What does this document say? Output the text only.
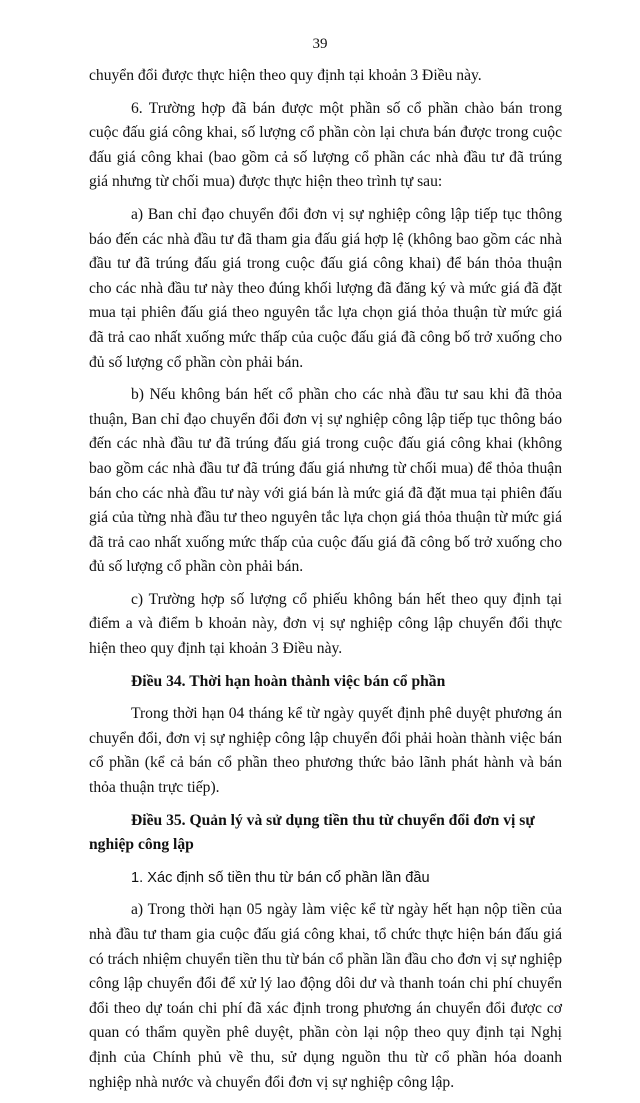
39

chuyển đổi được thực hiện theo quy định tại khoản 3 Điều này.

6. Trường hợp đã bán được một phần số cổ phần chào bán trong cuộc đấu giá công khai, số lượng cổ phần còn lại chưa bán được trong cuộc đấu giá công khai (bao gồm cả số lượng cổ phần các nhà đầu tư đã trúng giá nhưng từ chối mua) được thực hiện theo trình tự sau:

a) Ban chỉ đạo chuyển đổi đơn vị sự nghiệp công lập tiếp tục thông báo đến các nhà đầu tư đã tham gia đấu giá hợp lệ (không bao gồm các nhà đầu tư đã trúng đấu giá trong cuộc đấu giá công khai) để bán thỏa thuận cho các nhà đầu tư này theo đúng khối lượng đã đăng ký và mức giá đã đặt mua tại phiên đấu giá theo nguyên tắc lựa chọn giá thỏa thuận từ mức giá đã trả cao nhất xuống mức thấp của cuộc đấu giá đã công bố trở xuống cho đủ số lượng cổ phần còn phải bán.

b) Nếu không bán hết cổ phần cho các nhà đầu tư sau khi đã thỏa thuận, Ban chỉ đạo chuyển đổi đơn vị sự nghiệp công lập tiếp tục thông báo đến các nhà đầu tư đã trúng đấu giá trong cuộc đấu giá công khai (không bao gồm các nhà đầu tư đã trúng đấu giá nhưng từ chối mua) để thỏa thuận bán cho các nhà đầu tư này với giá bán là mức giá đã đặt mua tại phiên đấu giá của từng nhà đầu tư theo nguyên tắc lựa chọn giá thỏa thuận từ mức giá đã trả cao nhất xuống mức thấp của cuộc đấu giá đã công bố trở xuống cho đủ số lượng cổ phần còn phải bán.

c) Trường hợp số lượng cổ phiếu không bán hết theo quy định tại điểm a và điểm b khoản này, đơn vị sự nghiệp công lập chuyển đổi thực hiện theo quy định tại khoản 3 Điều này.

Điều 34. Thời hạn hoàn thành việc bán cổ phần

Trong thời hạn 04 tháng kể từ ngày quyết định phê duyệt phương án chuyển đổi, đơn vị sự nghiệp công lập chuyển đổi phải hoàn thành việc bán cổ phần (kể cả bán cổ phần theo phương thức bảo lãnh phát hành và bán thỏa thuận trực tiếp).

Điều 35. Quản lý và sử dụng tiền thu từ chuyển đổi đơn vị sự nghiệp công lập

1. Xác định số tiền thu từ bán cổ phần lần đầu

a) Trong thời hạn 05 ngày làm việc kể từ ngày hết hạn nộp tiền của nhà đầu tư tham gia cuộc đấu giá công khai, tổ chức thực hiện bán đấu giá có trách nhiệm chuyển tiền thu từ bán cổ phần lần đầu cho đơn vị sự nghiệp công lập chuyển đổi để xử lý lao động dôi dư và thanh toán chi phí chuyển đổi theo dự toán chi phí đã xác định trong phương án chuyển đổi được cơ quan có thẩm quyền phê duyệt, phần còn lại nộp theo quy định tại Nghị định của Chính phủ về thu, sử dụng nguồn thu từ cổ phần hóa doanh nghiệp nhà nước và chuyển đổi đơn vị sự nghiệp công lập.
